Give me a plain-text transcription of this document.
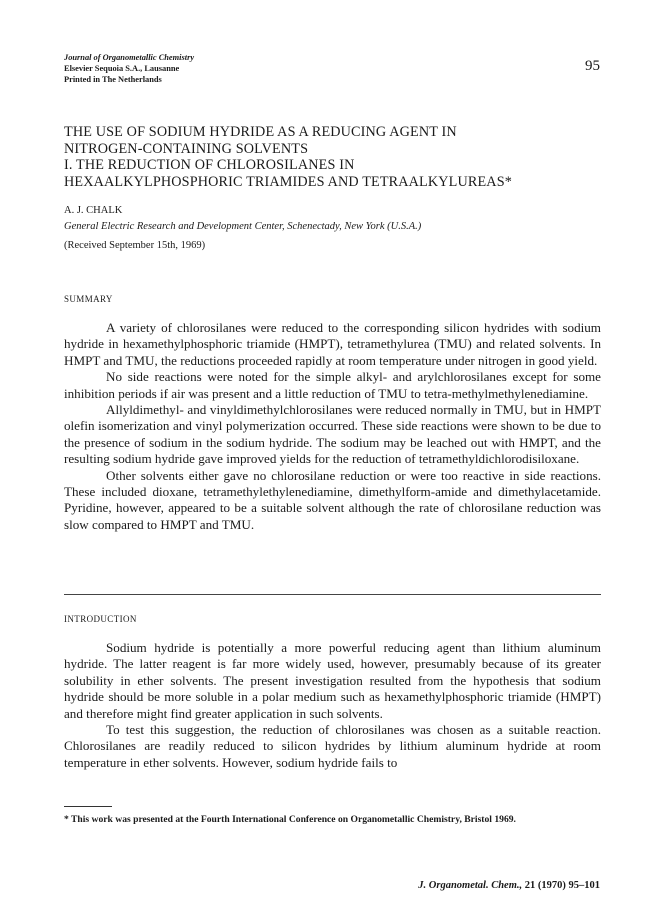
Journal of Organometallic Chemistry
Elsevier Sequoia S.A., Lausanne
Printed in The Netherlands
95
THE USE OF SODIUM HYDRIDE AS A REDUCING AGENT IN
NITROGEN-CONTAINING SOLVENTS
I. THE REDUCTION OF CHLOROSILANES IN
HEXAALKYLPHOSPHORIC TRIAMIDES AND TETRAALKYLUREAS*
A. J. CHALK
General Electric Research and Development Center, Schenectady, New York (U.S.A.)
(Received September 15th, 1969)
SUMMARY

A variety of chlorosilanes were reduced to the corresponding silicon hydrides with sodium hydride in hexamethylphosphoric triamide (HMPT), tetramethylurea (TMU) and related solvents. In HMPT and TMU, the reductions proceeded rapidly at room temperature under nitrogen in good yield.

No side reactions were noted for the simple alkyl- and arylchlorosilanes except for some inhibition periods if air was present and a little reduction of TMU to tetra-methylmethylenediamine.

Allyldimethyl- and vinyldimethylchlorosilanes were reduced normally in TMU, but in HMPT olefin isomerization and vinyl polymerization occurred. These side reactions were shown to be due to the presence of sodium in the sodium hydride. The sodium may be leached out with HMPT, and the resulting sodium hydride gave improved yields for the reduction of tetramethyldichlorodisiloxane.

Other solvents either gave no chlorosilane reduction or were too reactive in side reactions. These included dioxane, tetramethylethylenediamine, dimethylform-amide and dimethylacetamide. Pyridine, however, appeared to be a suitable solvent although the rate of chlorosilane reduction was slow compared to HMPT and TMU.

INTRODUCTION

Sodium hydride is potentially a more powerful reducing agent than lithium aluminum hydride. The latter reagent is far more widely used, however, presumably because of its greater solubility in ether solvents. The present investigation resulted from the hypothesis that sodium hydride should be more soluble in a polar medium such as hexamethylphosphoric triamide (HMPT) and therefore might find greater application in such solvents.

To test this suggestion, the reduction of chlorosilanes was chosen as a suitable reaction. Chlorosilanes are readily reduced to silicon hydrides by lithium aluminum hydride at room temperature in ether solvents. However, sodium hydride fails to

* This work was presented at the Fourth International Conference on Organometallic Chemistry, Bristol 1969.
J. Organometal. Chem., 21 (1970) 95–101
